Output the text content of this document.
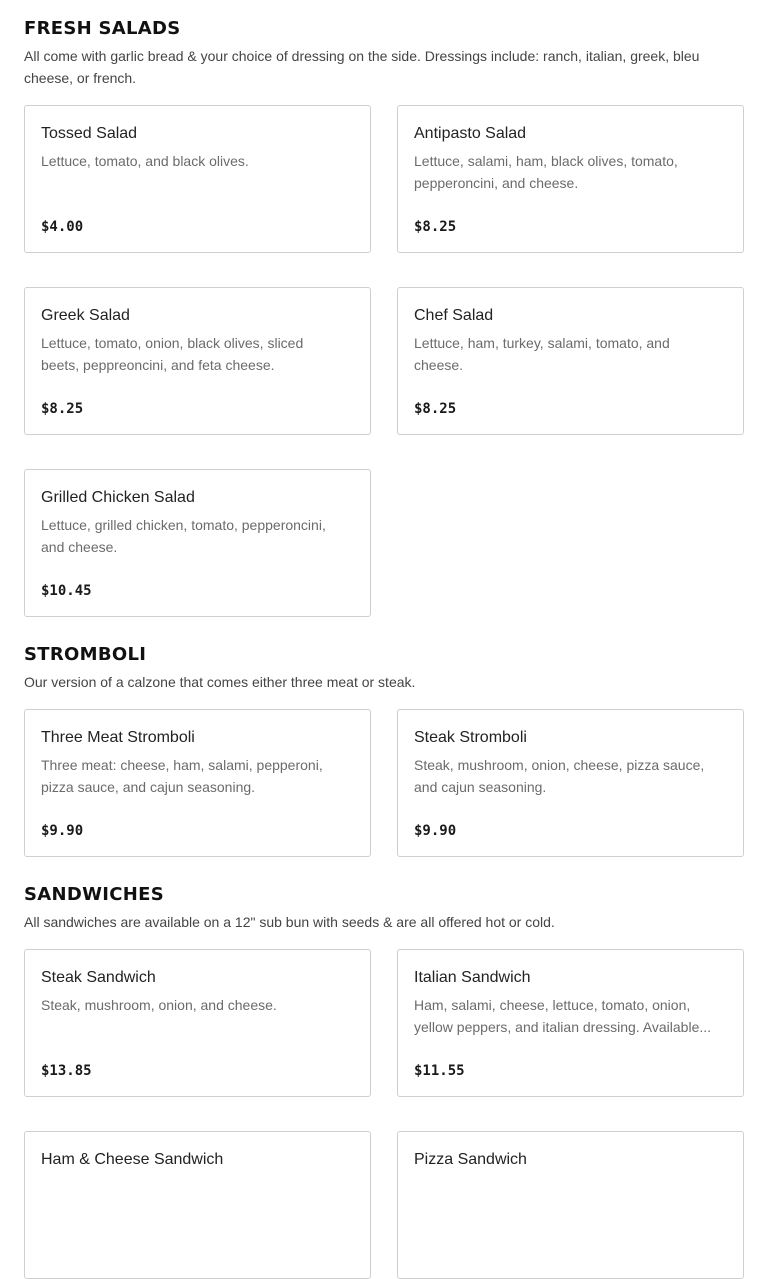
FRESH SALADS

All come with garlic bread & your choice of dressing on the side. Dressings include: ranch, italian, greek, bleu cheese, or french.

Tossed Salad
Lettuce, tomato, and black olives.
$4.00
Antipasto Salad
Lettuce, salami, ham, black olives, tomato, pepperoncini, and cheese.
$8.25
Greek Salad
Lettuce, tomato, onion, black olives, sliced beets, peppreoncini, and feta cheese.
$8.25
Chef Salad
Lettuce, ham, turkey, salami, tomato, and cheese.
$8.25
Grilled Chicken Salad
Lettuce, grilled chicken, tomato, pepperoncini, and cheese.
$10.45
STROMBOLI

Our version of a calzone that comes either three meat or steak.

Three Meat Stromboli
Three meat: cheese, ham, salami, pepperoni, pizza sauce, and cajun seasoning.
$9.90
Steak Stromboli
Steak, mushroom, onion, cheese, pizza sauce, and cajun seasoning.
$9.90
SANDWICHES

All sandwiches are available on a 12" sub bun with seeds & are all offered hot or cold.

Steak Sandwich
Steak, mushroom, onion, and cheese.
$13.85
Italian Sandwich
Ham, salami, cheese, lettuce, tomato, onion, yellow peppers, and italian dressing. Available...
$11.55
Ham & Cheese Sandwich	Pizza Sandwich
